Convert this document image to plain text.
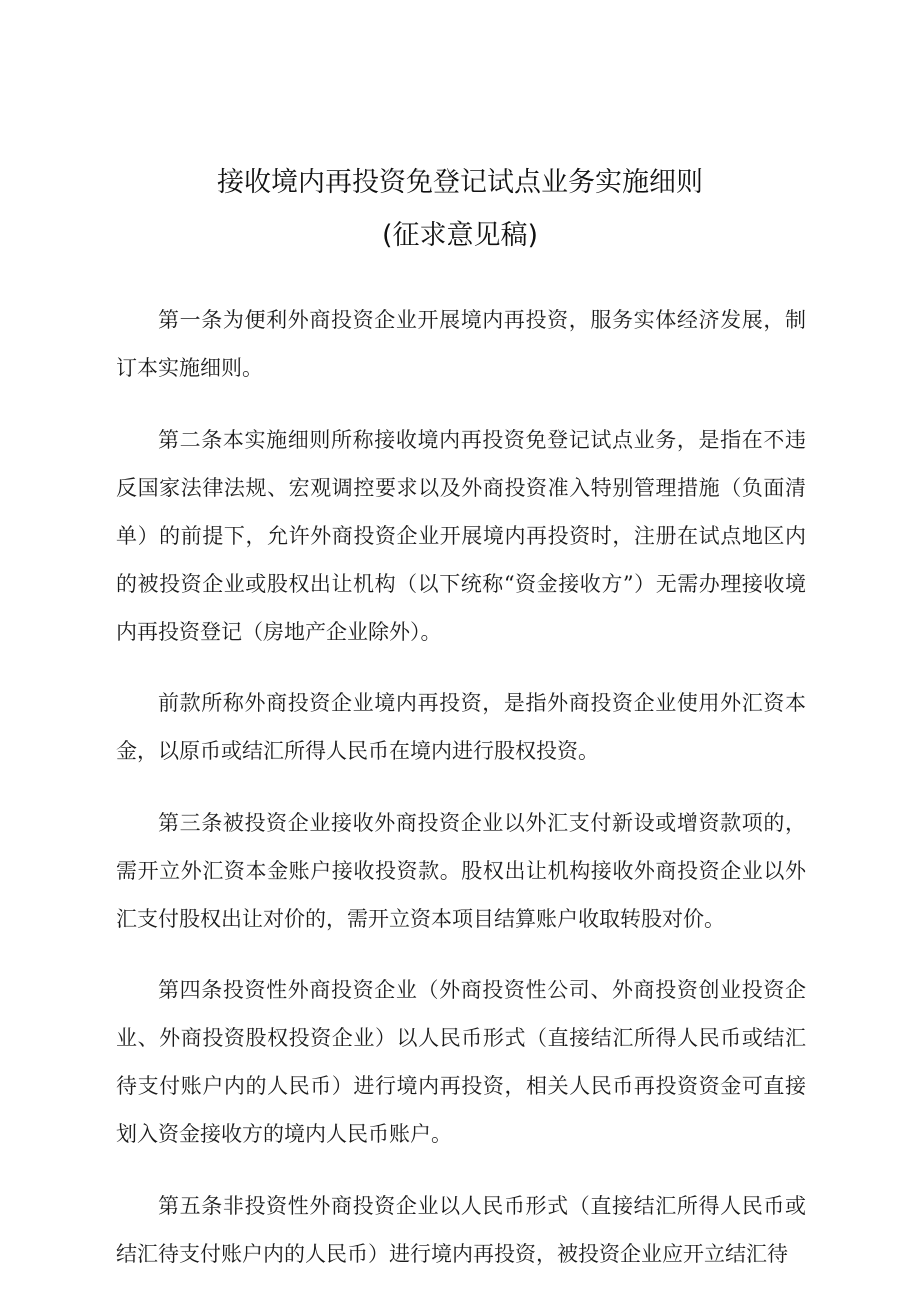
接收境内再投资免登记试点业务实施细则
(征求意见稿)

第一条为便利外商投资企业开展境内再投资，服务实体经济发展，制订本实施细则。

第二条本实施细则所称接收境内再投资免登记试点业务，是指在不违反国家法律法规、宏观调控要求以及外商投资准入特别管理措施（负面清单）的前提下，允许外商投资企业开展境内再投资时，注册在试点地区内的被投资企业或股权出让机构（以下统称“资金接收方”）无需办理接收境内再投资登记（房地产企业除外）。

前款所称外商投资企业境内再投资，是指外商投资企业使用外汇资本金，以原币或结汇所得人民币在境内进行股权投资。

第三条被投资企业接收外商投资企业以外汇支付新设或增资款项的，需开立外汇资本金账户接收投资款。股权出让机构接收外商投资企业以外汇支付股权出让对价的，需开立资本项目结算账户收取转股对价。

第四条投资性外商投资企业（外商投资性公司、外商投资创业投资企业、外商投资股权投资企业）以人民币形式（直接结汇所得人民币或结汇待支付账户内的人民币）进行境内再投资，相关人民币再投资资金可直接划入资金接收方的境内人民币账户。

第五条非投资性外商投资企业以人民币形式（直接结汇所得人民币或结汇待支付账户内的人民币）进行境内再投资，被投资企业应开立结汇待
